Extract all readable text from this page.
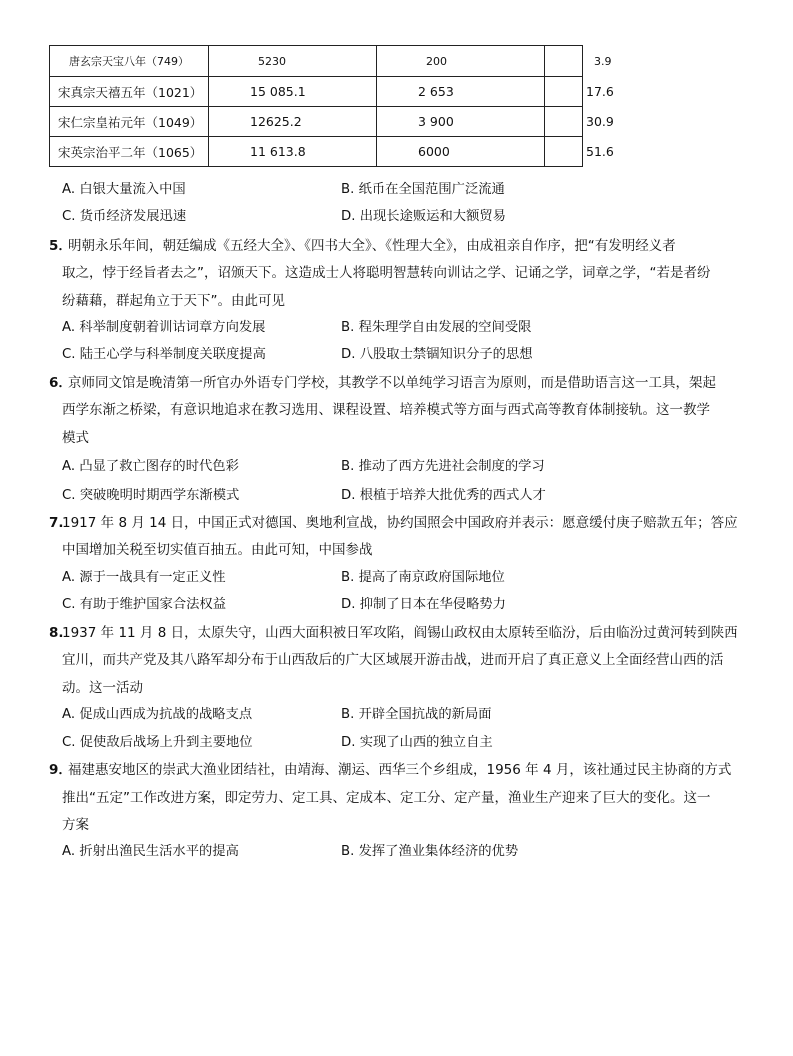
唐玄宗天宝八年（749）	5230	200	3.9
宋真宗天禧五年（1021）	15 085.1	2 653	17.6
宋仁宗皇祐元年（1049）	12625.2	3 900	30.9
宋英宗治平二年（1065）	11 613.8	6000	51.6
A. 白银大量流入中国	B. 纸币在全国范围广泛流通
C. 货币经济发展迅速	D. 出现长途贩运和大额贸易
5．
明朝永乐年间，朝廷编成《五经大全》、《四书大全》、《性理大全》，由成祖亲自作序，把“有发明经义者
取之，悖于经旨者去之”，诏颁天下。这造成士人将聪明智慧转向训诂之学、记诵之学，词章之学，“若是者纷
纷藉藉，群起角立于天下”。由此可见
A. 科举制度朝着训诂词章方向发展	B. 程朱理学自由发展的空间受限
C. 陆王心学与科举制度关联度提高	D. 八股取士禁锢知识分子的思想
6．
京师同文馆是晚清第一所官办外语专门学校，其教学不以单纯学习语言为原则，而是借助语言这一工具，架起
西学东渐之桥梁，有意识地追求在教习选用、课程设置、培养模式等方面与西式高等教育体制接轨。这一教学
模式
A. 凸显了救亡图存的时代色彩	B. 推动了西方先进社会制度的学习
C. 突破晚明时期西学东渐模式	D. 根植于培养大批优秀的西式人才
7.
1917 年 8 月 14 日，中国正式对德国、奥地利宣战，协约国照会中国政府并表示：愿意缓付庚子赔款五年；答应
中国增加关税至切实值百抽五。由此可知，中国参战
A. 源于一战具有一定正义性	B. 提高了南京政府国际地位
C. 有助于维护国家合法权益	D. 抑制了日本在华侵略势力
8.
1937 年 11 月 8 日，太原失守，山西大面积被日军攻陷，阎锡山政权由太原转至临汾，后由临汾过黄河转到陕西
宜川，而共产党及其八路军却分布于山西敌后的广大区域展开游击战，进而开启了真正意义上全面经营山西的活
动。这一活动
A. 促成山西成为抗战的战略支点	B. 开辟全国抗战的新局面
C. 促使敌后战场上升到主要地位	D. 实现了山西的独立自主
9．
福建惠安地区的崇武大渔业团结社，由靖海、潮运、西华三个乡组成，1956 年 4 月，该社通过民主协商的方式
推出“五定”工作改进方案，即定劳力、定工具、定成本、定工分、定产量，渔业生产迎来了巨大的变化。这一
方案
A. 折射出渔民生活水平的提高	B. 发挥了渔业集体经济的优势
